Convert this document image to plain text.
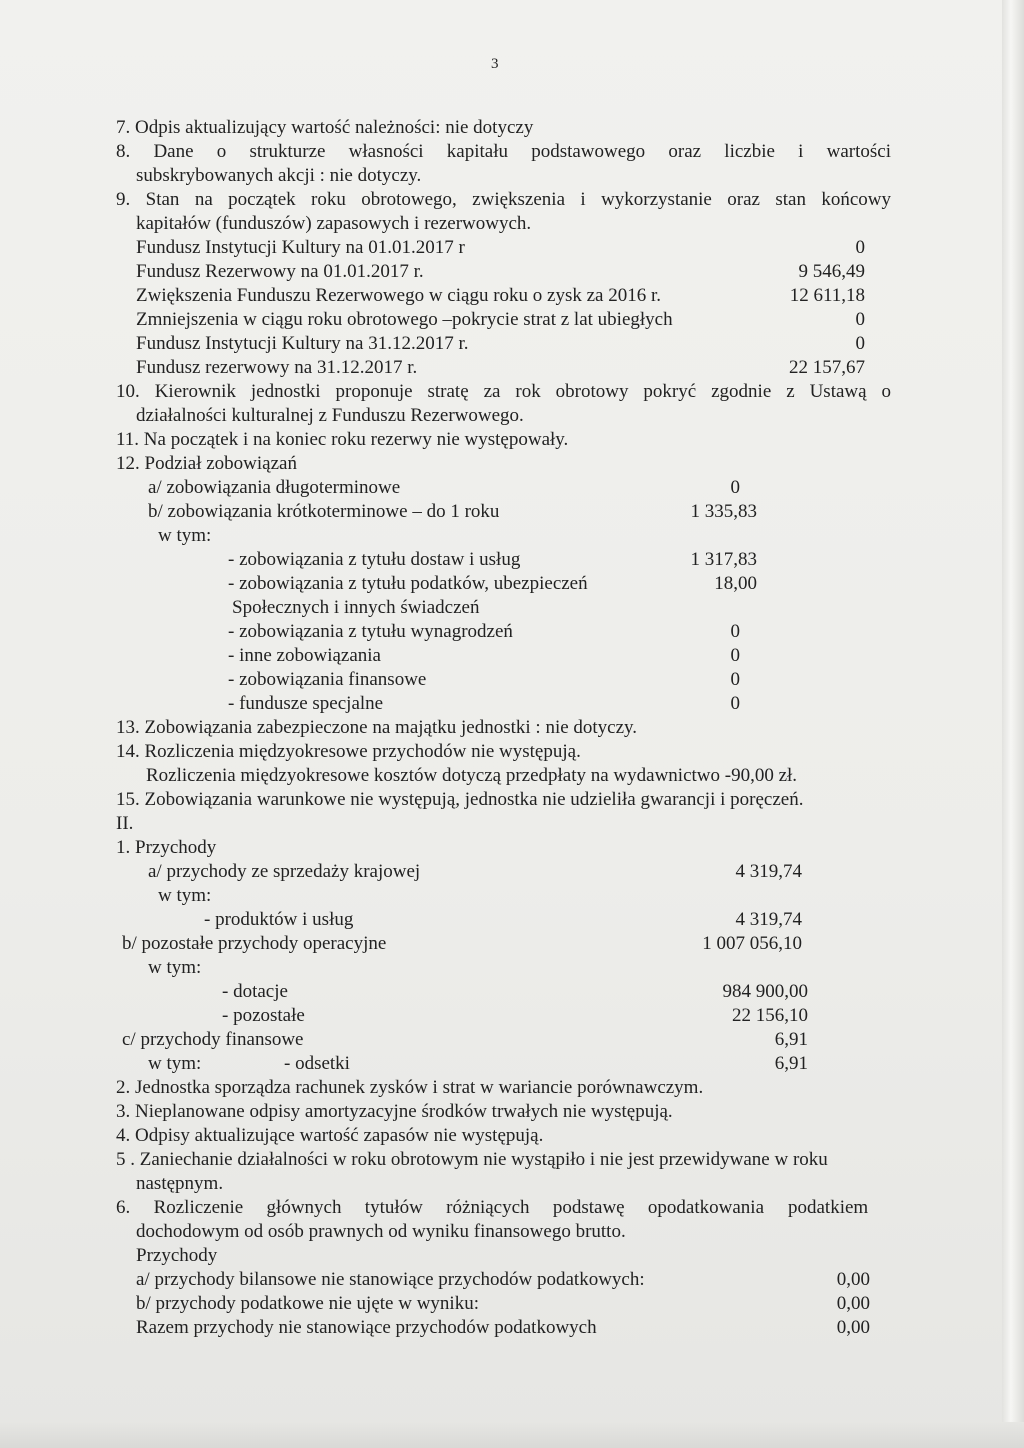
3
7. Odpis aktualizujący wartość należności: nie dotyczy
8. Dane o strukturze własności kapitału podstawowego oraz liczbie i wartości
subskrybowanych akcji : nie dotyczy.
9. Stan na początek roku obrotowego, zwiększenia i wykorzystanie oraz stan końcowy
kapitałów (funduszów) zapasowych i rezerwowych.
Fundusz Instytucji Kultury na 01.01.2017 r	0
Fundusz Rezerwowy na 01.01.2017 r.	9 546,49
Zwiększenia Funduszu Rezerwowego w ciągu roku o zysk za 2016 r.	12 611,18
Zmniejszenia w ciągu roku obrotowego –pokrycie strat z lat ubiegłych	0
Fundusz Instytucji Kultury na 31.12.2017 r.	0
Fundusz rezerwowy na 31.12.2017 r.	22 157,67
10. Kierownik jednostki proponuje stratę za rok obrotowy pokryć zgodnie z Ustawą o
działalności kulturalnej z Funduszu Rezerwowego.
11. Na początek i na koniec roku rezerwy nie występowały.
12. Podział zobowiązań
a/ zobowiązania długoterminowe	0
b/ zobowiązania krótkoterminowe – do 1 roku	1 335,83
w tym:
- zobowiązania z tytułu dostaw i usług	1 317,83
- zobowiązania z tytułu podatków, ubezpieczeń	18,00
Społecznych i innych świadczeń
- zobowiązania z tytułu wynagrodzeń	0
- inne zobowiązania	0
- zobowiązania finansowe	0
- fundusze specjalne	0
13. Zobowiązania zabezpieczone na majątku jednostki : nie dotyczy.
14. Rozliczenia międzyokresowe przychodów nie występują.
Rozliczenia międzyokresowe kosztów dotyczą przedpłaty na wydawnictwo -90,00 zł.
15. Zobowiązania warunkowe nie występują, jednostka nie udzieliła gwarancji i poręczeń.
II.
1. Przychody
a/ przychody ze sprzedaży krajowej	4 319,74
w tym:
- produktów i usług	4 319,74
b/ pozostałe przychody operacyjne	1 007 056,10
w tym:
- dotacje	984 900,00
- pozostałe	22 156,10
c/ przychody finansowe	6,91
w tym:	- odsetki	6,91
2. Jednostka sporządza rachunek zysków i strat w wariancie porównawczym.
3. Nieplanowane odpisy amortyzacyjne środków trwałych nie występują.
4. Odpisy aktualizujące wartość zapasów nie występują.
5 . Zaniechanie działalności w roku obrotowym nie wystąpiło i nie jest przewidywane w roku
następnym.
6. Rozliczenie głównych tytułów różniących podstawę opodatkowania podatkiem
dochodowym od osób prawnych od wyniku finansowego brutto.
Przychody
a/ przychody bilansowe nie stanowiące przychodów podatkowych:	0,00
b/ przychody podatkowe nie ujęte w wyniku:	0,00
Razem przychody nie stanowiące przychodów podatkowych	0,00
